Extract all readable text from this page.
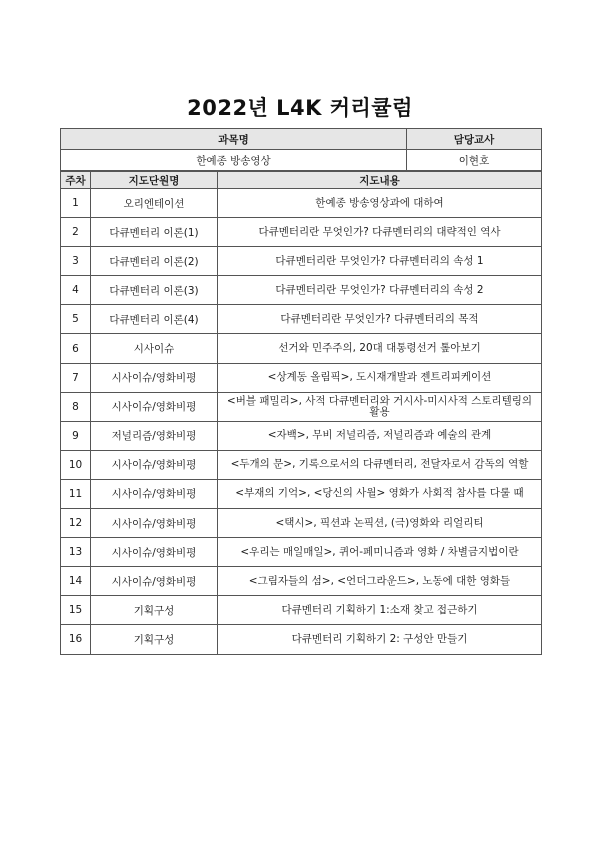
2022년 L4K 커리큘럼
과목명	담당교사
한예종 방송영상	이현호
주차	지도단원명	지도내용
1	오리엔테이션	한예종 방송영상과에 대하여
2	다큐멘터리 이론(1)	다큐멘터리란 무엇인가? 다큐멘터리의 대략적인 역사
3	다큐멘터리 이론(2)	다큐멘터리란 무엇인가? 다큐멘터리의 속성 1
4	다큐멘터리 이론(3)	다큐멘터리란 무엇인가? 다큐멘터리의 속성 2
5	다큐멘터리 이론(4)	다큐멘터리란 무엇인가? 다큐멘터리의 목적
6	시사이슈	선거와 민주주의, 20대 대통령선거 톺아보기
7	시사이슈/영화비평	<상계동 올림픽>, 도시재개발과 젠트리피케이션
8	시사이슈/영화비평	<버블 패밀리>, 사적 다큐멘터리와 거시사-미시사적 스토리텔링의 활용
9	저널리즘/영화비평	<자백>, 무비 저널리즘, 저널리즘과 예술의 관계
10	시사이슈/영화비평	<두개의 문>, 기록으로서의 다큐멘터리, 전달자로서 감독의 역할
11	시사이슈/영화비평	<부재의 기억>, <당신의 사월> 영화가 사회적 참사를 다룰 때
12	시사이슈/영화비평	<택시>, 픽션과 논픽션, (극)영화와 리얼리티
13	시사이슈/영화비평	<우리는 매일매일>, 퀴어-페미니즘과 영화 / 차별금지법이란
14	시사이슈/영화비평	<그림자들의 섬>, <언더그라운드>, 노동에 대한 영화들
15	기획구성	다큐멘터리 기획하기 1:소재 찾고 접근하기
16	기획구성	다큐멘터리 기획하기 2: 구성안 만들기
